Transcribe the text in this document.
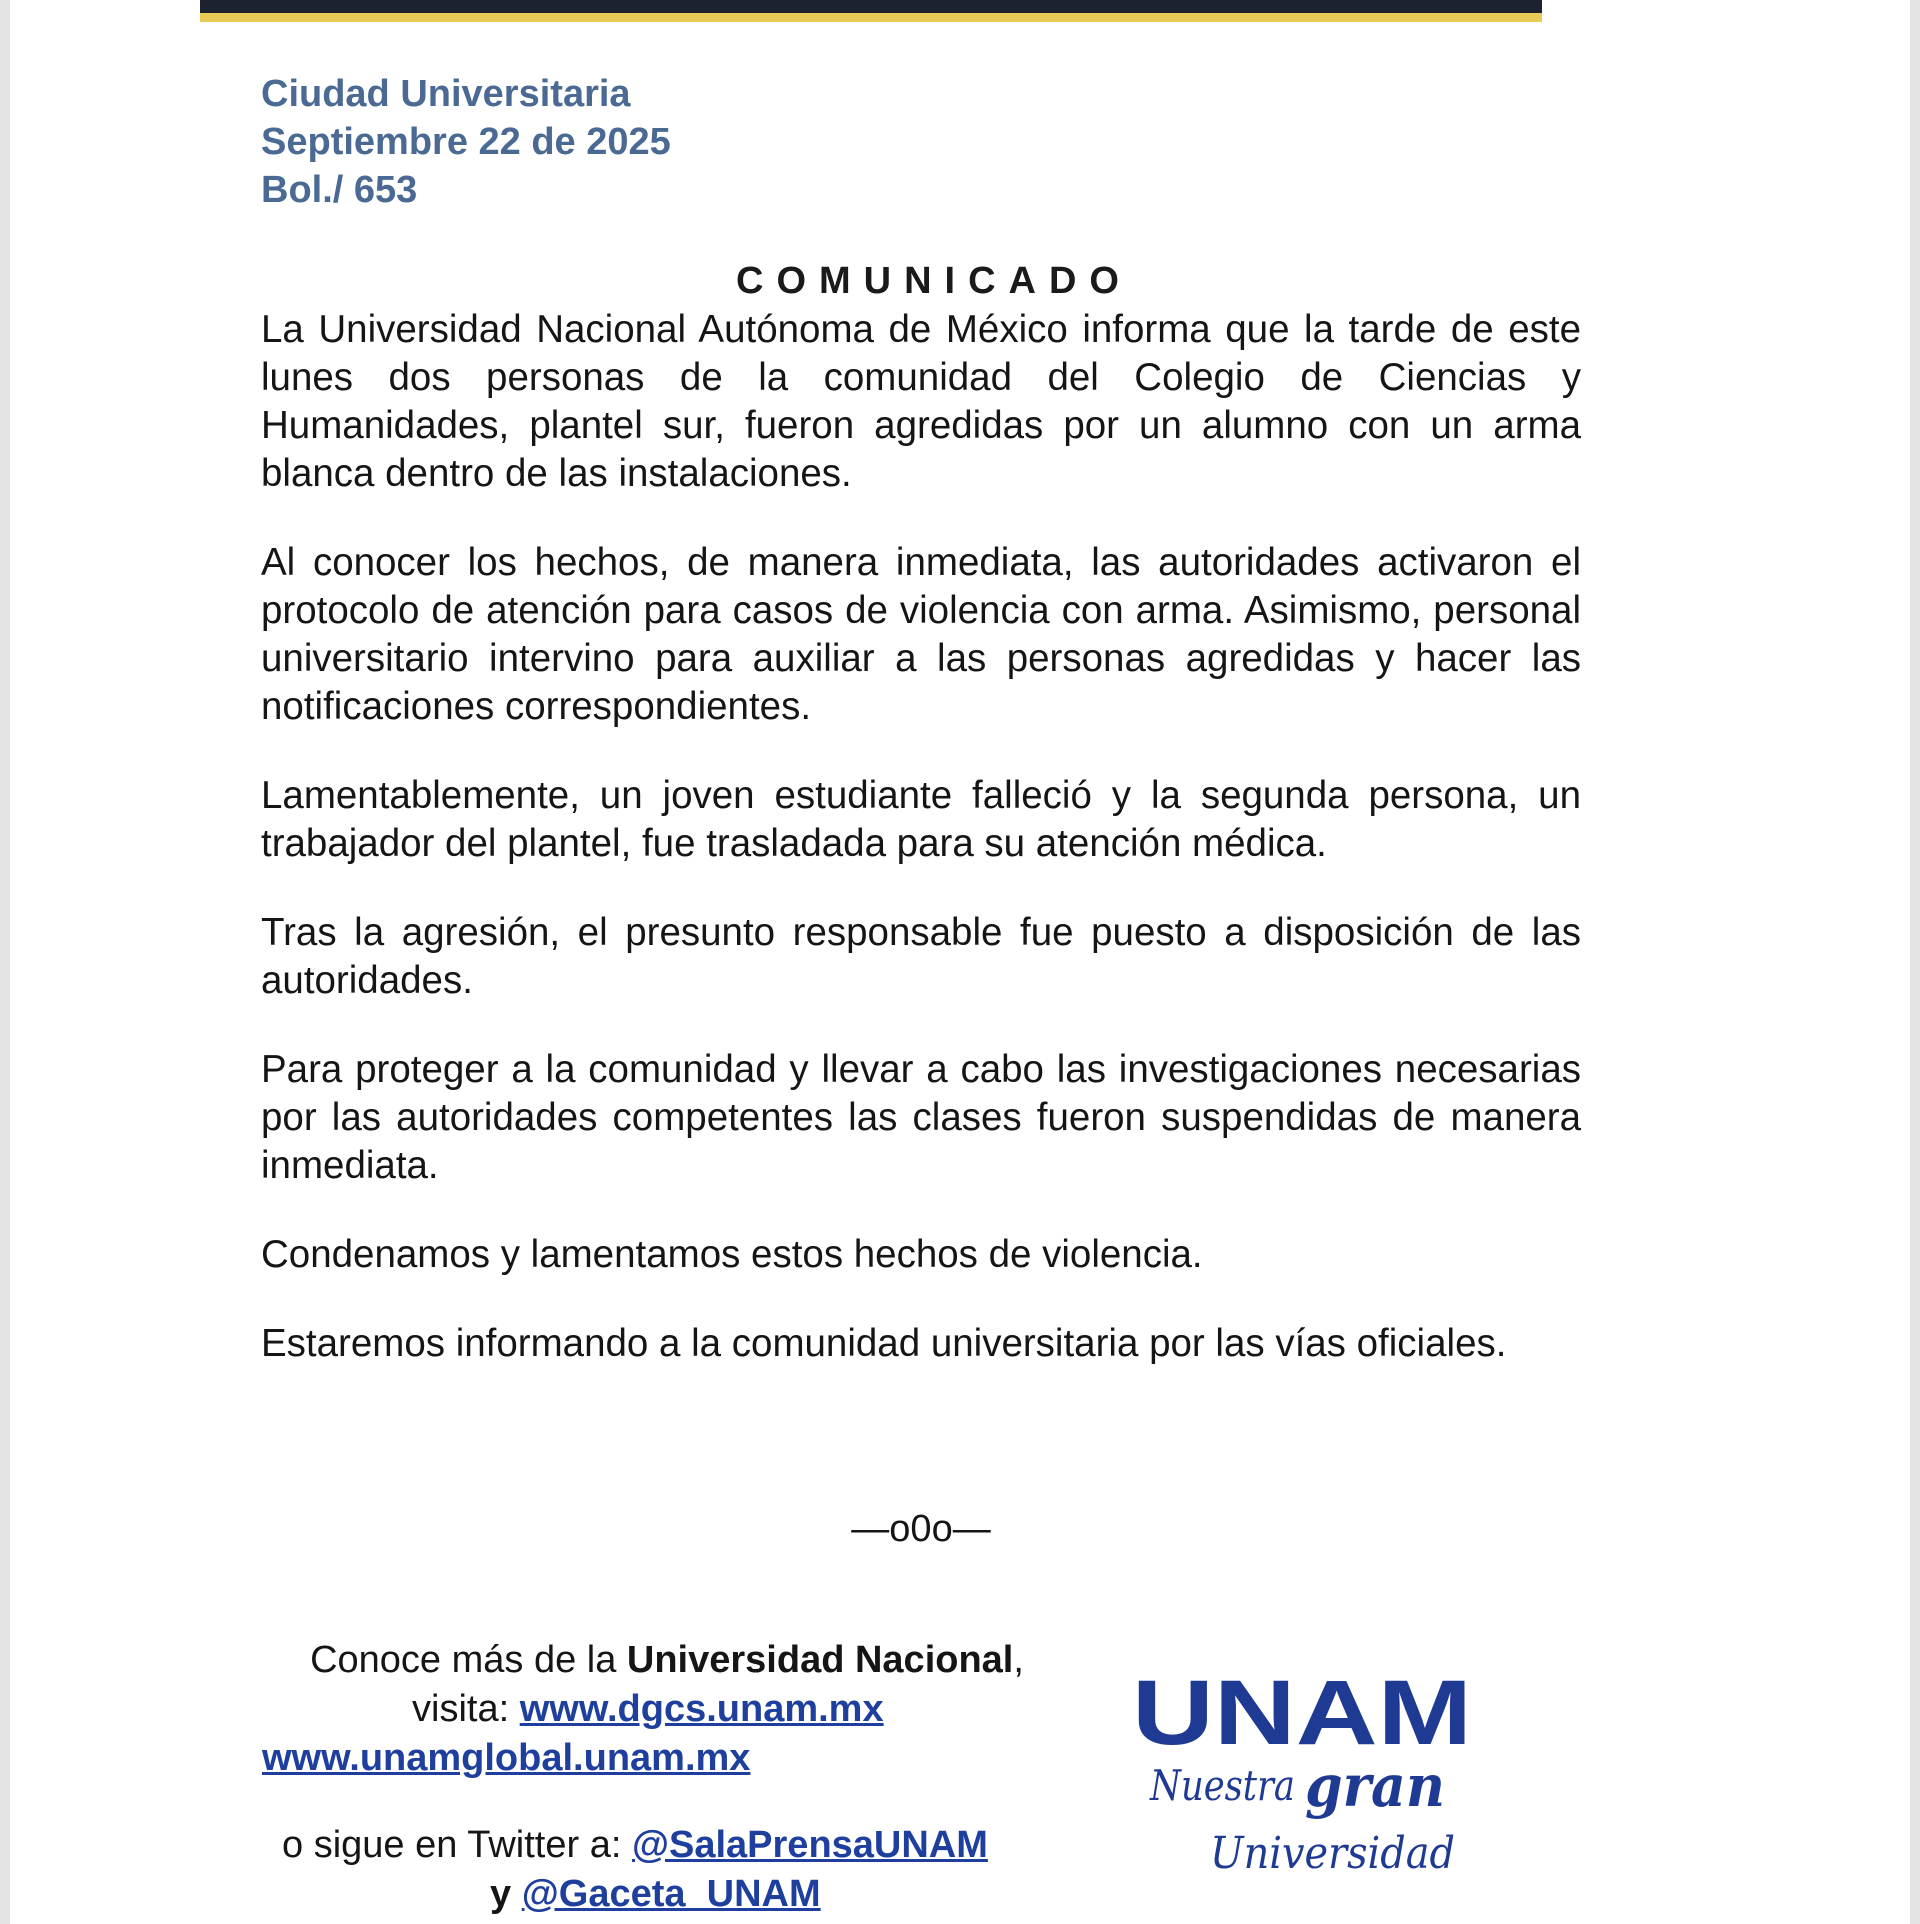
Ciudad Universitaria
Septiembre 22 de 2025
Bol./ 653
COMUNICADO

La Universidad Nacional Autónoma de México informa que la tarde de este lunes dos personas de la comunidad del Colegio de Ciencias y Humanidades, plantel sur, fueron agredidas por un alumno con un arma blanca dentro de las instalaciones.

Al conocer los hechos, de manera inmediata, las autoridades activaron el protocolo de atención para casos de violencia con arma. Asimismo, personal universitario intervino para auxiliar a las personas agredidas y hacer las notificaciones correspondientes.

Lamentablemente, un joven estudiante falleció y la segunda persona, un trabajador del plantel, fue trasladada para su atención médica.

Tras la agresión, el presunto responsable fue puesto a disposición de las autoridades.

Para proteger a la comunidad y llevar a cabo las investigaciones necesarias por las autoridades competentes las clases fueron suspendidas de manera inmediata.

Condenamos y lamentamos estos hechos de violencia.

Estaremos informando a la comunidad universitaria por las vías oficiales.

—o0o—
Conoce más de la Universidad Nacional,
visita: www.dgcs.unam.mx
www.unamglobal.unam.mx
o sigue en Twitter a: @SalaPrensaUNAM
y @Gaceta_UNAM
UNAM
Nuestra gran
Universidad
